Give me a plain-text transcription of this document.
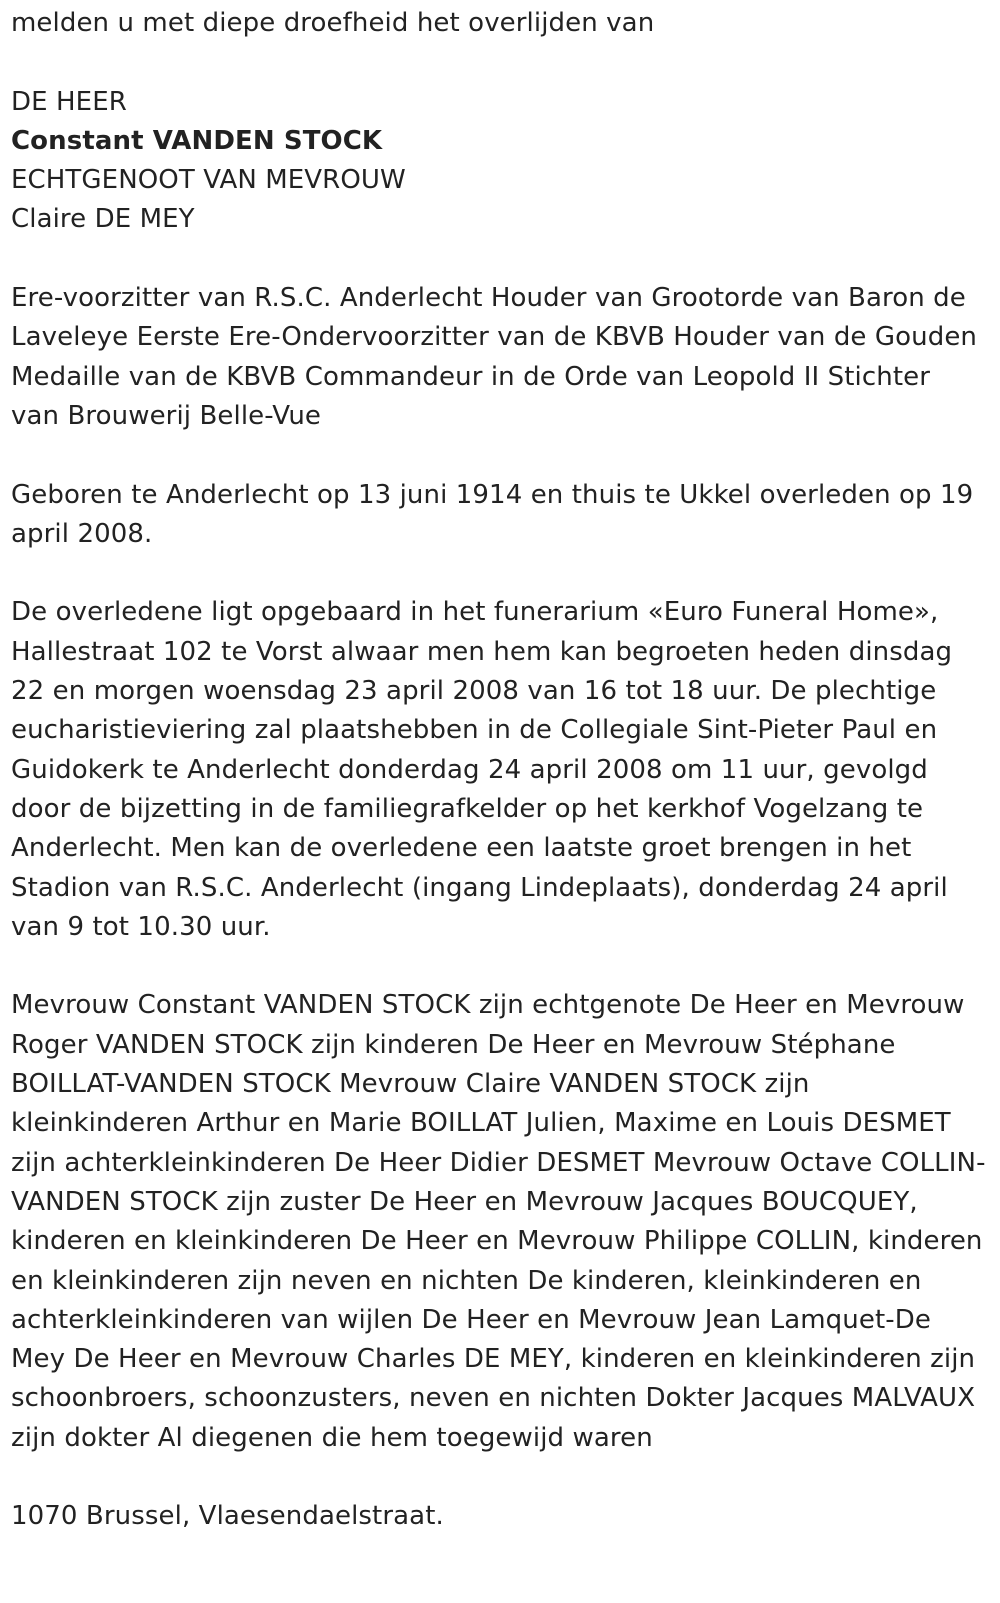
melden u met diepe droefheid het overlijden van

DE HEER

Constant VANDEN STOCK

ECHTGENOOT VAN MEVROUW

Claire DE MEY

Ere-voorzitter van R.S.C. Anderlecht Houder van Grootorde van Baron de Laveleye Eerste Ere-Ondervoorzitter van de KBVB Houder van de Gouden Medaille van de KBVB Commandeur in de Orde van Leopold II Stichter van Brouwerij Belle-Vue

Geboren te Anderlecht op 13 juni 1914 en thuis te Ukkel overleden op 19 april 2008.

De overledene ligt opgebaard in het funerarium «Euro Funeral Home», Hallestraat 102 te Vorst alwaar men hem kan begroeten heden dinsdag 22 en morgen woensdag 23 april 2008 van 16 tot 18 uur. De plechtige eucharistieviering zal plaatshebben in de Collegiale Sint-Pieter Paul en Guidokerk te Anderlecht donderdag 24 april 2008 om 11 uur, gevolgd door de bijzetting in de familiegrafkelder op het kerkhof Vogelzang te Anderlecht. Men kan de overledene een laatste groet brengen in het Stadion van R.S.C. Anderlecht (ingang Lindeplaats), donderdag 24 april van 9 tot 10.30 uur.

Mevrouw Constant VANDEN STOCK zijn echtgenote De Heer en Mevrouw Roger VANDEN STOCK zijn kinderen De Heer en Mevrouw Stéphane BOILLAT-VANDEN STOCK Mevrouw Claire VANDEN STOCK zijn kleinkinderen Arthur en Marie BOILLAT Julien, Maxime en Louis DESMET zijn achterkleinkinderen De Heer Didier DESMET Mevrouw Octave COLLIN-VANDEN STOCK zijn zuster De Heer en Mevrouw Jacques BOUCQUEY, kinderen en kleinkinderen De Heer en Mevrouw Philippe COLLIN, kinderen en kleinkinderen zijn neven en nichten De kinderen, kleinkinderen en achterkleinkinderen van wijlen De Heer en Mevrouw Jean Lamquet-De Mey De Heer en Mevrouw Charles DE MEY, kinderen en kleinkinderen zijn schoonbroers, schoonzusters, neven en nichten Dokter Jacques MALVAUX zijn dokter Al diegenen die hem toegewijd waren

1070 Brussel, Vlaesendaelstraat.
